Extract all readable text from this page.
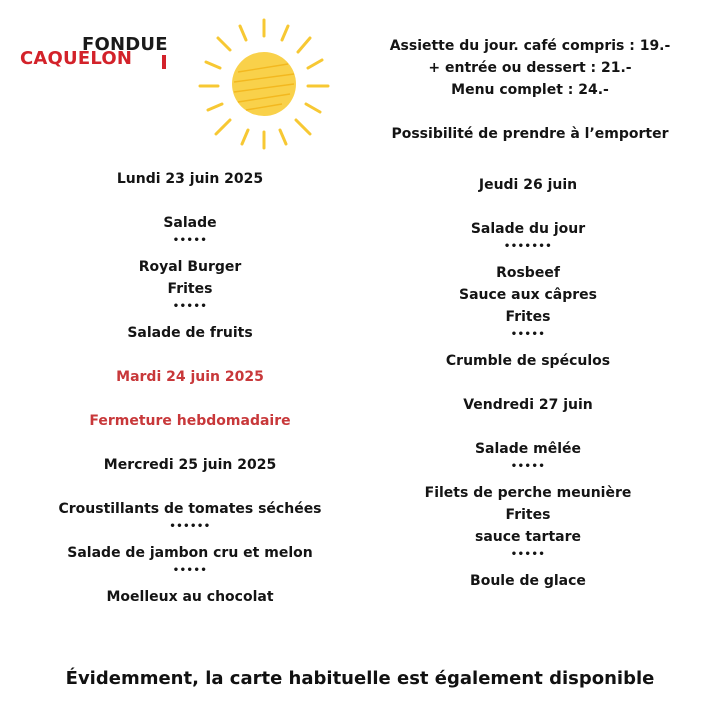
FONDUE
CAQUELON
Assiette du jour. café compris : 19.-
+ entrée ou dessert : 21.-
Menu complet : 24.-
Possibilité de prendre à l’emporter
Lundi 23 juin 2025
Salade
•••••
Royal Burger
Frites
•••••
Salade de fruits
Mardi 24 juin 2025
Fermeture hebdomadaire
Mercredi 25 juin 2025
Croustillants de tomates séchées
••••••
Salade de jambon cru et melon
•••••
Moelleux au chocolat
Jeudi 26 juin
Salade du jour
•••••••
Rosbeef
Sauce aux câpres
Frites
•••••
Crumble de spéculos
Vendredi 27 juin
Salade mêlée
•••••
Filets de perche meunière
Frites
sauce tartare
•••••
Boule de glace
Évidemment, la carte habituelle est également disponible
